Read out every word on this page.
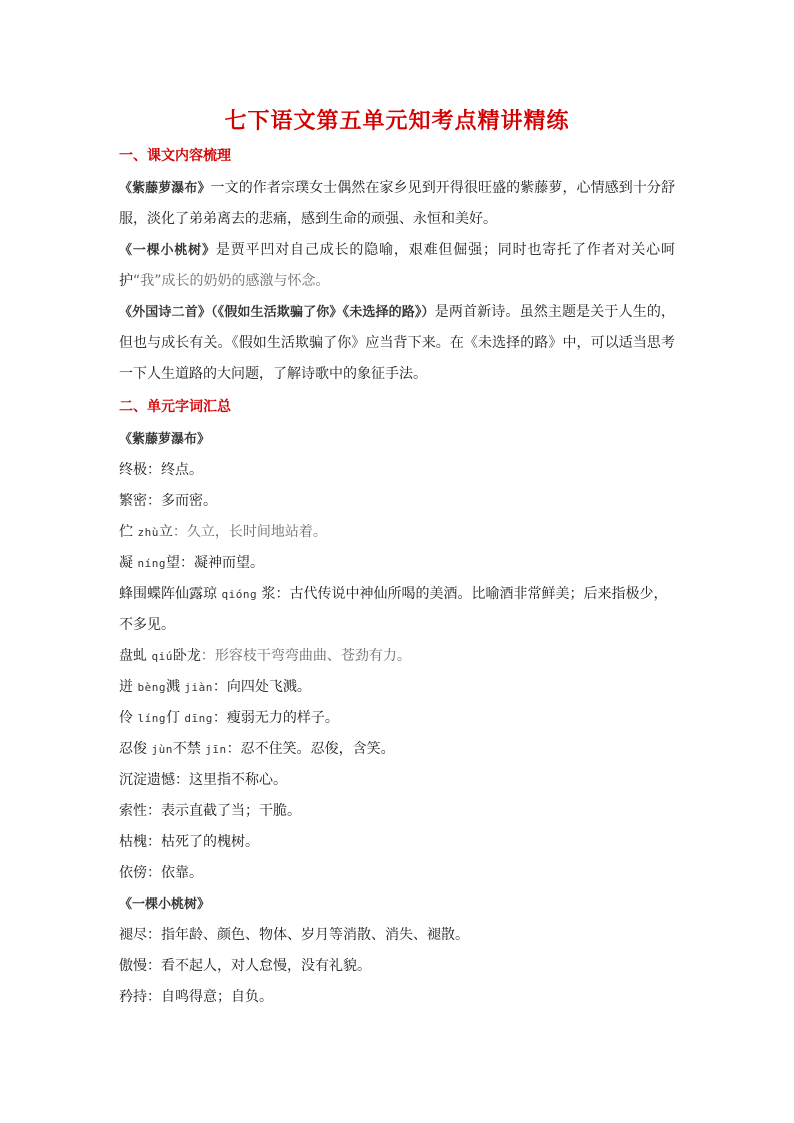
七下语文第五单元知考点精讲精练
一、课文内容梳理
《紫藤萝瀑布》一文的作者宗璞女士偶然在家乡见到开得很旺盛的紫藤萝，心情感到十分舒服，淡化了弟弟离去的悲痛，感到生命的顽强、永恒和美好。
《一棵小桃树》是贾平凹对自己成长的隐喻，艰难但倔强；同时也寄托了作者对关心呵护“我”成长的奶奶的感激与怀念。
《外国诗二首》（《假如生活欺骗了你》《未选择的路》）是两首新诗。虽然主题是关于人生的，但也与成长有关。《假如生活欺骗了你》应当背下来。在《未选择的路》中，可以适当思考一下人生道路的大问题，了解诗歌中的象征手法。
二、单元字词汇总
《紫藤萝瀑布》
终极：终点。
繁密：多而密。
伫 zhù立：久立，长时间地站着。
凝 níng望：凝神而望。
蜂围蝶阵仙露琼 qióng 浆：古代传说中神仙所喝的美酒。比喻酒非常鲜美；后来指极少，不多见。
盘虬 qiú卧龙：形容枝干弯弯曲曲、苍劲有力。
迸 bèng溅 jiàn：向四处飞溅。
伶 líng仃 dīng：瘦弱无力的样子。
忍俊 jùn不禁 jīn：忍不住笑。忍俊，含笑。
沉淀遗憾：这里指不称心。
索性：表示直截了当；干脆。
枯槐：枯死了的槐树。
依傍：依靠。
《一棵小桃树》
褪尽：指年龄、颜色、物体、岁月等消散、消失、褪散。
傲慢：看不起人，对人怠慢，没有礼貌。
矜持：自鸣得意；自负。
